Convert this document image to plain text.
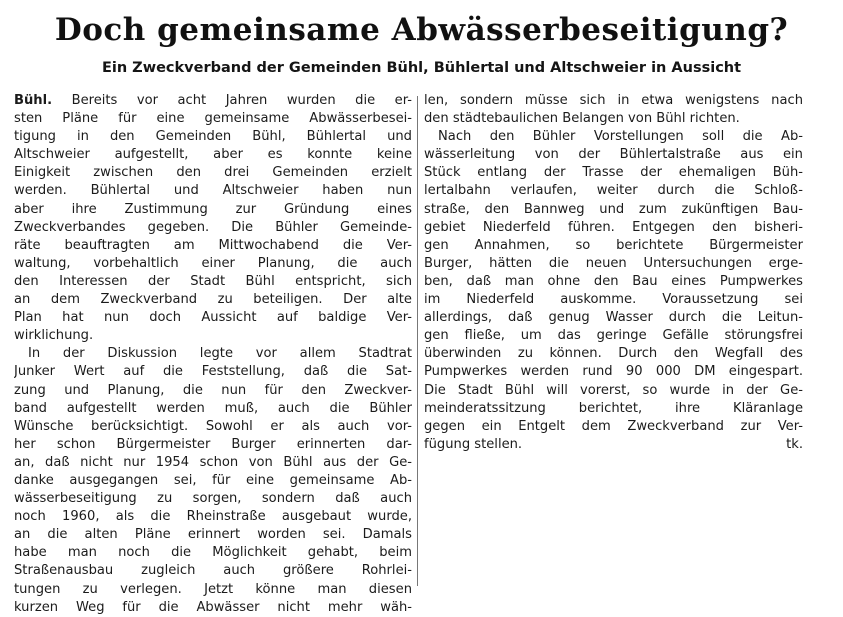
Doch gemeinsame Abwässerbeseitigung?
Ein Zweckverband der Gemeinden Bühl, Bühlertal und Altschweier in Aussicht
Bühl. Bereits vor acht Jahren wurden die er-
sten Pläne für eine gemeinsame Abwässerbesei-
tigung in den Gemeinden Bühl, Bühlertal und
Altschweier aufgestellt, aber es konnte keine
Einigkeit zwischen den drei Gemeinden erzielt
werden. Bühlertal und Altschweier haben nun
aber ihre Zustimmung zur Gründung eines
Zweckverbandes gegeben. Die Bühler Gemeinde-
räte beauftragten am Mittwochabend die Ver-
waltung, vorbehaltlich einer Planung, die auch
den Interessen der Stadt Bühl entspricht, sich
an dem Zweckverband zu beteiligen. Der alte
Plan hat nun doch Aussicht auf baldige Ver-
wirklichung.
In der Diskussion legte vor allem Stadtrat
Junker Wert auf die Feststellung, daß die Sat-
zung und Planung, die nun für den Zweckver-
band aufgestellt werden muß, auch die Bühler
Wünsche berücksichtigt. Sowohl er als auch vor-
her schon Bürgermeister Burger erinnerten dar-
an, daß nicht nur 1954 schon von Bühl aus der Ge-
danke ausgegangen sei, für eine gemeinsame Ab-
wässerbeseitigung zu sorgen, sondern daß auch
noch 1960, als die Rheinstraße ausgebaut wurde,
an die alten Pläne erinnert worden sei. Damals
habe man noch die Möglichkeit gehabt, beim
Straßenausbau zugleich auch größere Rohrlei-
tungen zu verlegen. Jetzt könne man diesen
kurzen Weg für die Abwässer nicht mehr wäh-
len, sondern müsse sich in etwa wenigstens nach
den städtebaulichen Belangen von Bühl richten.
Nach den Bühler Vorstellungen soll die Ab-
wässerleitung von der Bühlertalstraße aus ein
Stück entlang der Trasse der ehemaligen Büh-
lertalbahn verlaufen, weiter durch die Schloß-
straße, den Bannweg und zum zukünftigen Bau-
gebiet Niederfeld führen. Entgegen den bisheri-
gen Annahmen, so berichtete Bürgermeister
Burger, hätten die neuen Untersuchungen erge-
ben, daß man ohne den Bau eines Pumpwerkes
im Niederfeld auskomme. Voraussetzung sei
allerdings, daß genug Wasser durch die Leitun-
gen fließe, um das geringe Gefälle störungsfrei
überwinden zu können. Durch den Wegfall des
Pumpwerkes werden rund 90 000 DM eingespart.
Die Stadt Bühl will vorerst, so wurde in der Ge-
meinderatssitzung berichtet, ihre Kläranlage
gegen ein Entgelt dem Zweckverband zur Ver-
fügung stellen.	tk.
